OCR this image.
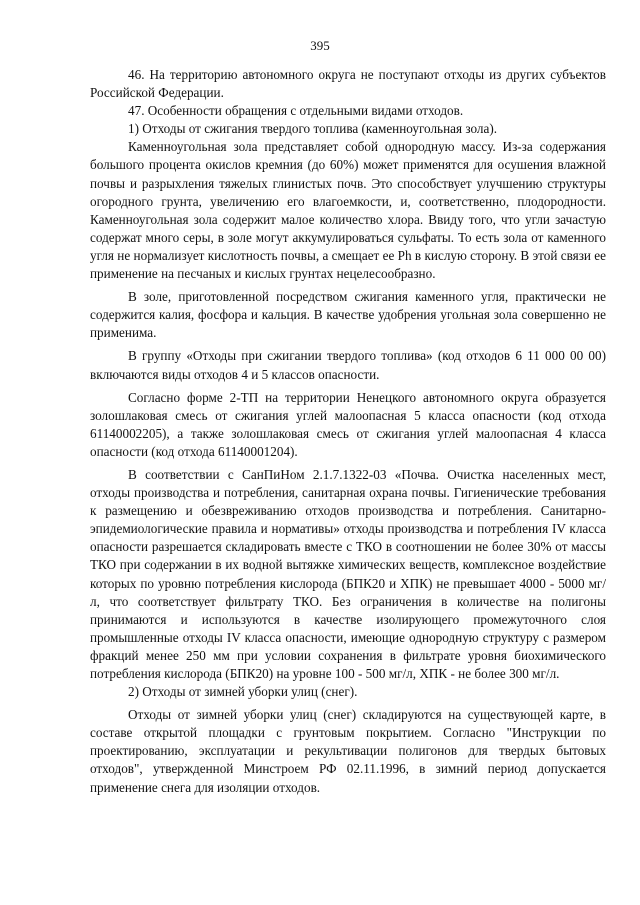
395

46. На территорию автономного округа не поступают отходы из других субъектов Российской Федерации.

47. Особенности обращения с отдельными видами отходов.

1) Отходы от сжигания твердого топлива (каменноугольная зола).

Каменноугольная зола представляет собой однородную массу. Из-за содержания большого процента окислов кремния (до 60%) может применятся для осушения влажной почвы и разрыхления тяжелых глинистых почв. Это способствует улучшению структуры огородного грунта, увеличению его влагоемкости, и, соответственно, плодородности. Каменноугольная зола содержит малое количество хлора. Ввиду того, что угли зачастую содержат много серы, в золе могут аккумулироваться сульфаты. То есть зола от каменного угля не нормализует кислотность почвы, а смещает ее Ph в кислую сторону. В этой связи ее применение на песчаных и кислых грунтах нецелесообразно.

В золе, приготовленной посредством сжигания каменного угля, практически не содержится калия, фосфора и кальция. В качестве удобрения угольная зола совершенно не применима.

В группу «Отходы при сжигании твердого топлива» (код отходов 6 11 000 00 00) включаются виды отходов 4 и 5 классов опасности.

Согласно форме 2-ТП на территории Ненецкого автономного округа образуется золошлаковая смесь от сжигания углей малоопасная 5 класса опасности (код отхода 61140002205), а также золошлаковая смесь от сжигания углей малоопасная 4 класса опасности (код отхода 61140001204).

В соответствии с СанПиНом 2.1.7.1322-03 «Почва. Очистка населенных мест, отходы производства и потребления, санитарная охрана почвы. Гигиенические требования к размещению и обезвреживанию отходов производства и потребления. Санитарно-эпидемиологические правила и нормативы» отходы производства и потребления IV класса опасности разрешается складировать вместе с ТКО в соотношении не более 30% от массы ТКО при содержании в их водной вытяжке химических веществ, комплексное воздействие которых по уровню потребления кислорода (БПК20 и ХПК) не превышает 4000 - 5000 мг/л, что соответствует фильтрату ТКО. Без ограничения в количестве на полигоны принимаются и используются в качестве изолирующего промежуточного слоя промышленные отходы IV класса опасности, имеющие однородную структуру с размером фракций менее 250 мм при условии сохранения в фильтрате уровня биохимического потребления кислорода (БПК20) на уровне 100 - 500 мг/л, ХПК - не более 300 мг/л.

2) Отходы от зимней уборки улиц (снег).

Отходы от зимней уборки улиц (снег) складируются на существующей карте, в составе открытой площадки с грунтовым покрытием. Согласно "Инструкции по проектированию, эксплуатации и рекультивации полигонов для твердых бытовых отходов", утвержденной Минстроем РФ 02.11.1996, в зимний период допускается применение снега для изоляции отходов.
